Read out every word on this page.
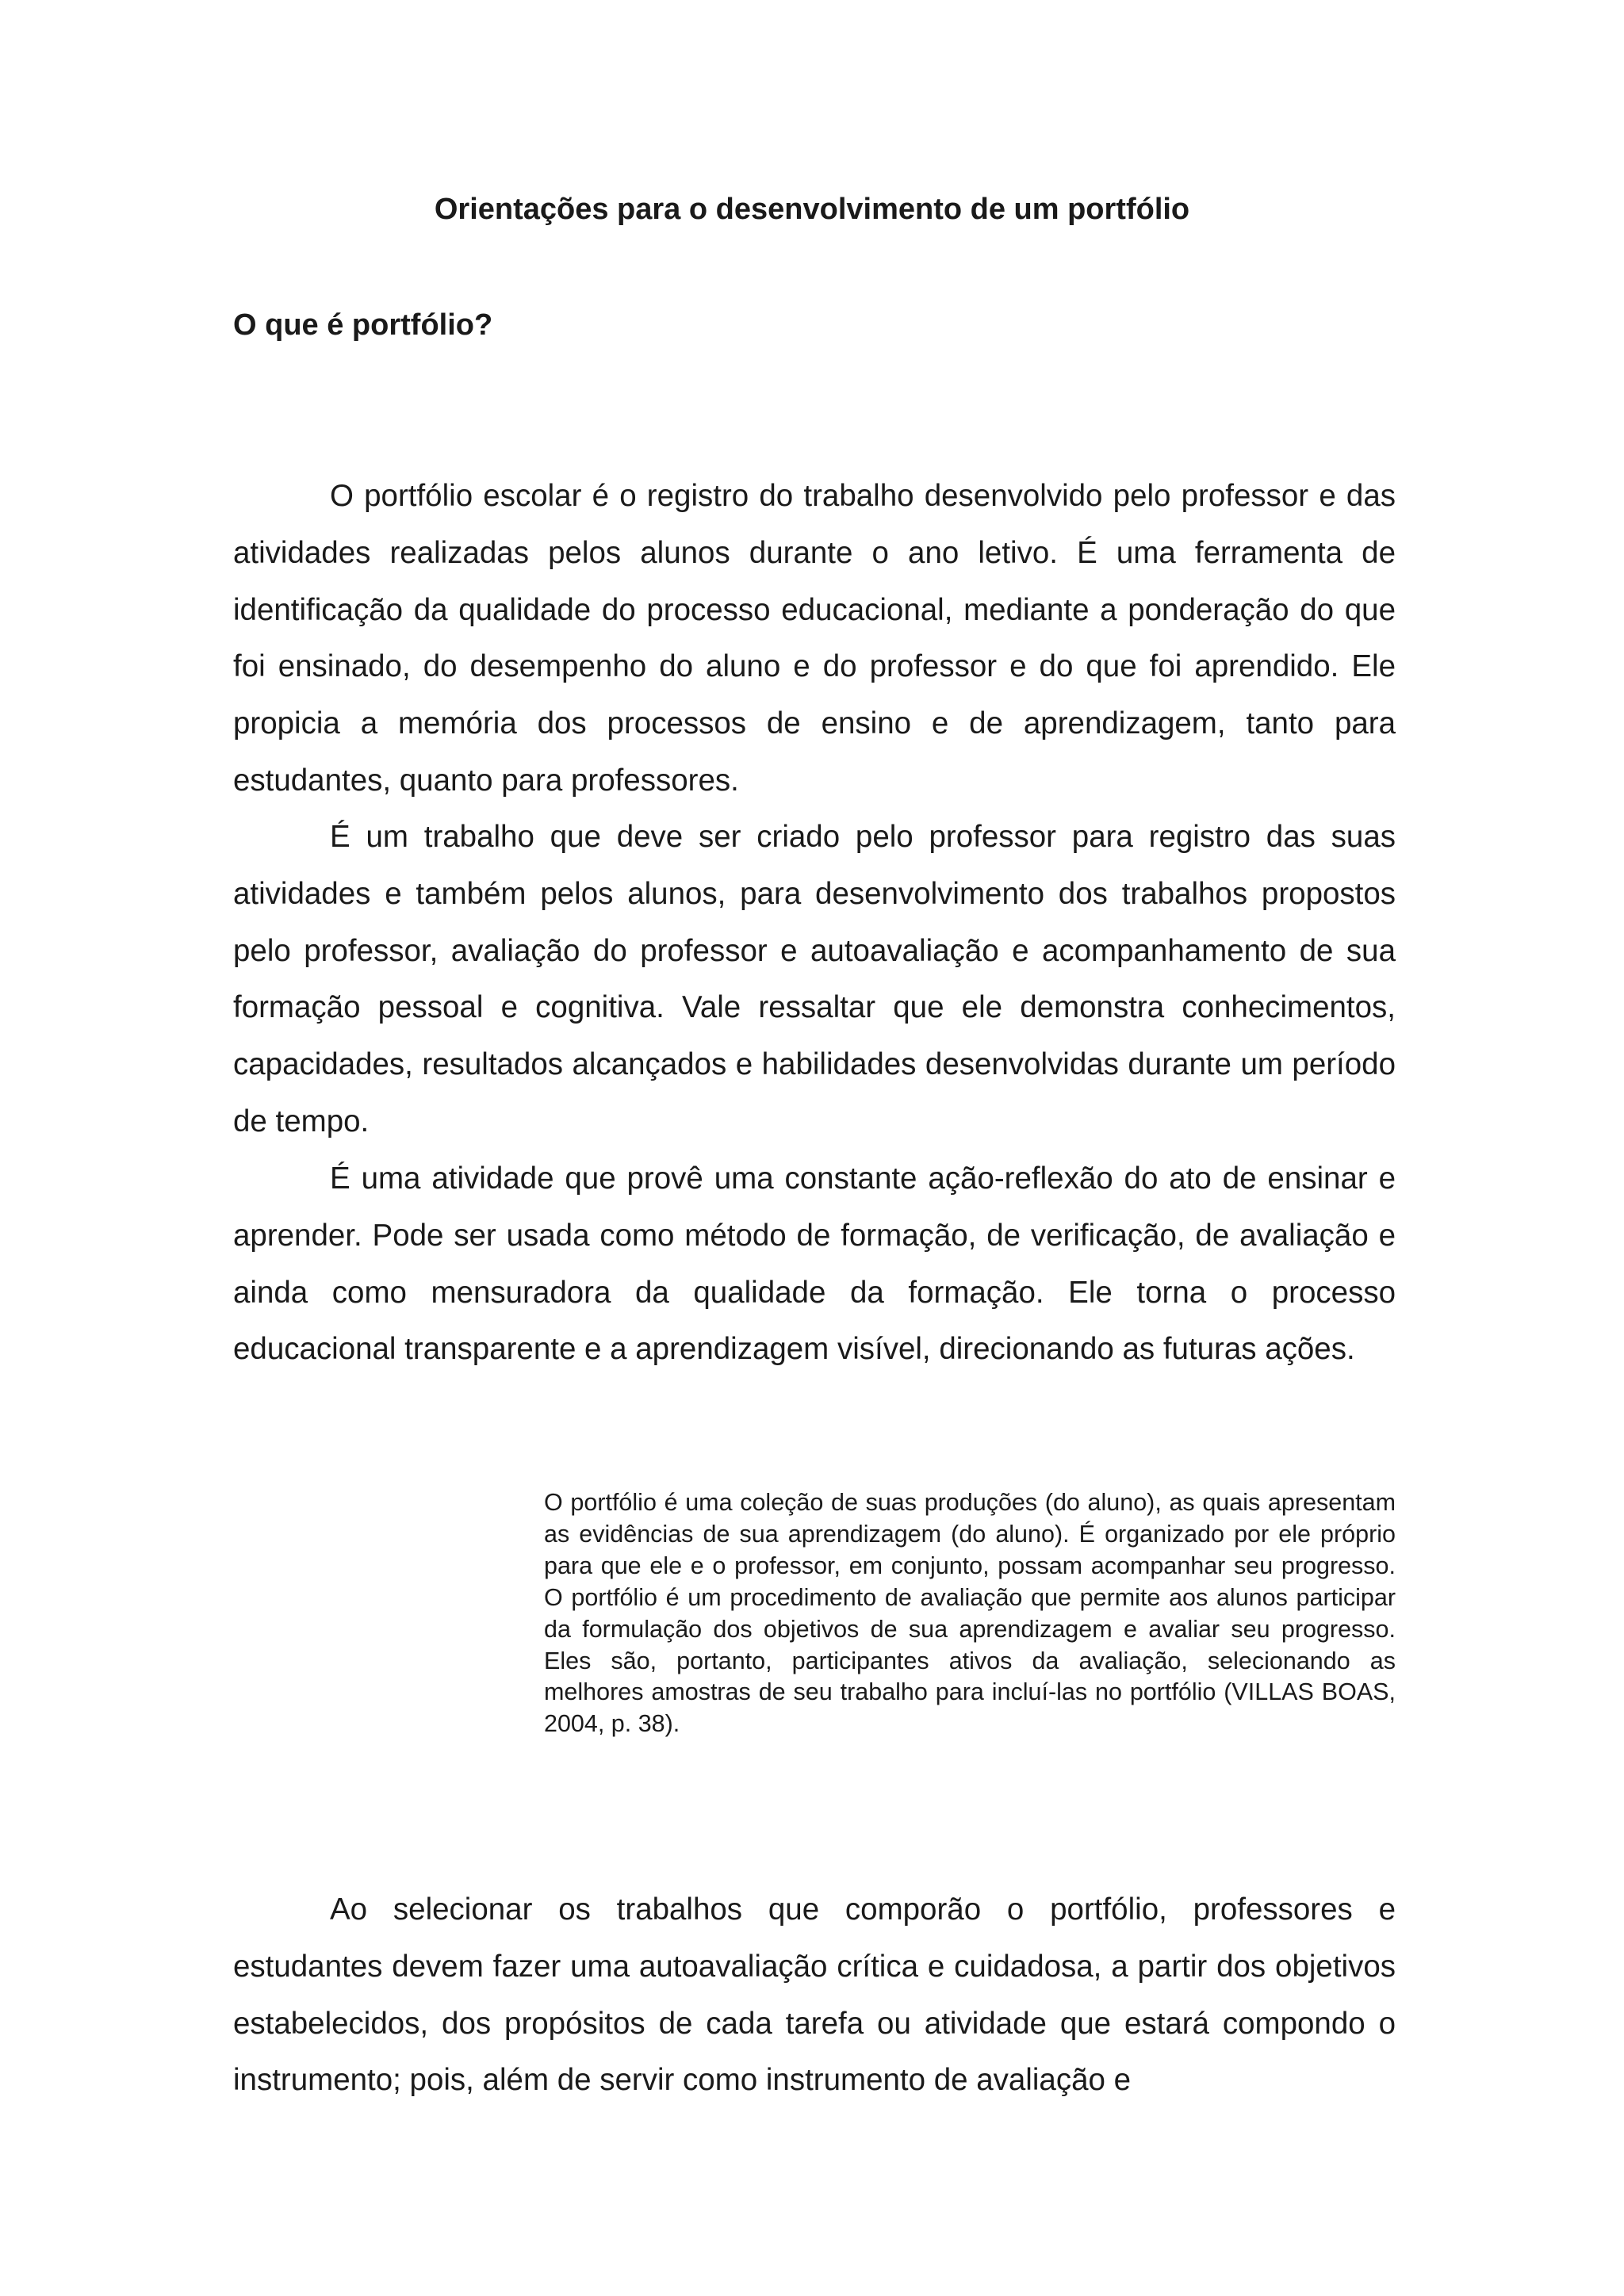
Orientações para o desenvolvimento de um portfólio
O que é portfólio?

O portfólio escolar é o registro do trabalho desenvolvido pelo professor e das atividades realizadas pelos alunos durante o ano letivo. É uma ferramenta de identificação da qualidade do processo educacional, mediante a ponderação do que foi ensinado, do desempenho do aluno e do professor e do que foi aprendido. Ele propicia a memória dos processos de ensino e de aprendizagem, tanto para estudantes, quanto para professores.

É um trabalho que deve ser criado pelo professor para registro das suas atividades e também pelos alunos, para desenvolvimento dos trabalhos propostos pelo professor, avaliação do professor e autoavaliação e acompanhamento de sua formação pessoal e cognitiva. Vale ressaltar que ele demonstra conhecimentos, capacidades, resultados alcançados e habilidades desenvolvidas durante um período de tempo.

É uma atividade que provê uma constante ação-reflexão do ato de ensinar e aprender. Pode ser usada como método de formação, de verificação, de avaliação e ainda como mensuradora da qualidade da formação. Ele torna o processo educacional transparente e a aprendizagem visível, direcionando as futuras ações.

O portfólio é uma coleção de suas produções (do aluno), as quais apresentam as evidências de sua aprendizagem (do aluno). É organizado por ele próprio para que ele e o professor, em conjunto, possam acompanhar seu progresso. O portfólio é um procedimento de avaliação que permite aos alunos participar da formulação dos objetivos de sua aprendizagem e avaliar seu progresso. Eles são, portanto, participantes ativos da avaliação, selecionando as melhores amostras de seu trabalho para incluí-las no portfólio (VILLAS BOAS, 2004, p. 38).

Ao selecionar os trabalhos que comporão o portfólio, professores e estudantes devem fazer uma autoavaliação crítica e cuidadosa, a partir dos objetivos estabelecidos, dos propósitos de cada tarefa ou atividade que estará compondo o instrumento; pois, além de servir como instrumento de avaliação e
